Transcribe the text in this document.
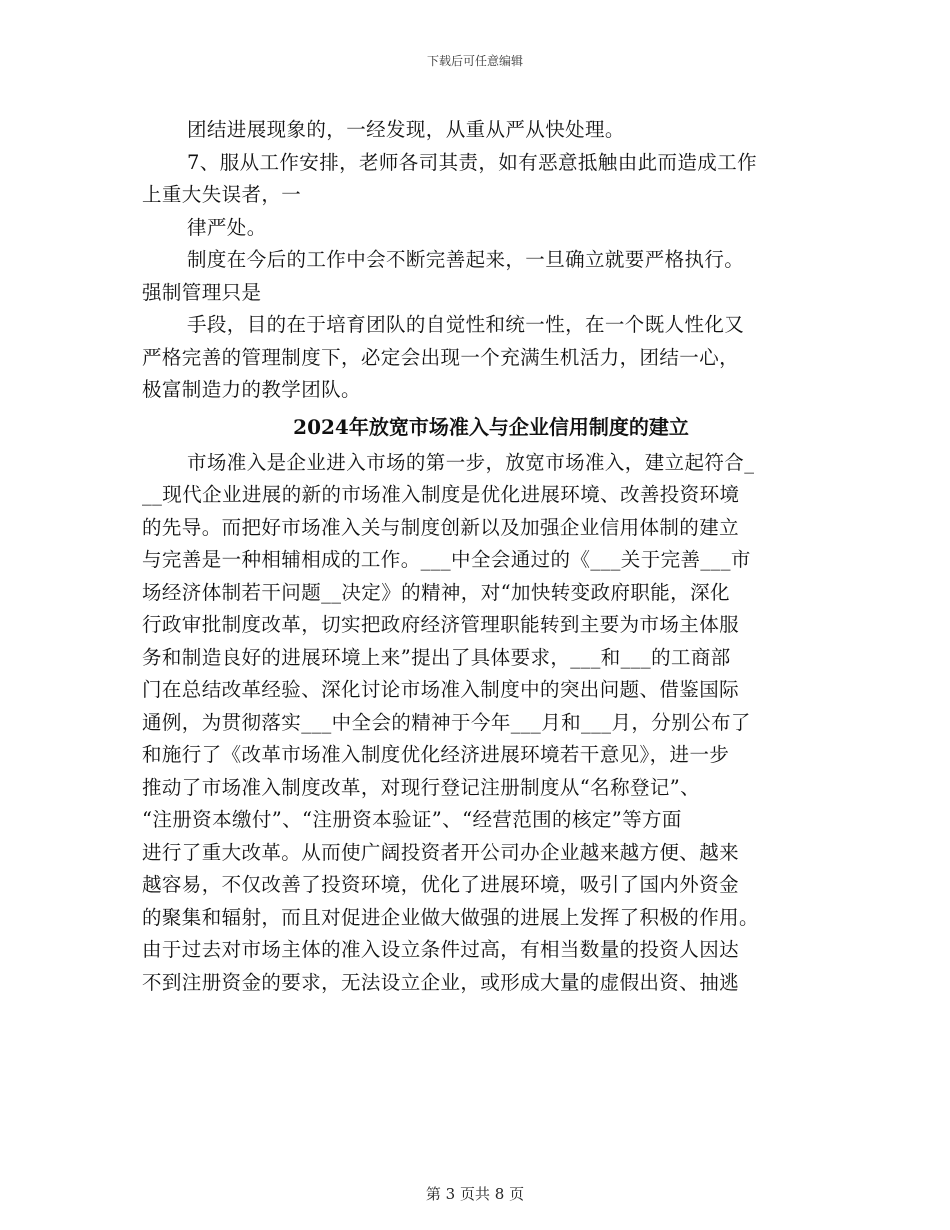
下载后可任意编辑
团结进展现象的，一经发现，从重从严从快处理。
7、服从工作安排，老师各司其责，如有恶意抵触由此而造成工作
上重大失误者，一
律严处。
制度在今后的工作中会不断完善起来，一旦确立就要严格执行。
强制管理只是
手段，目的在于培育团队的自觉性和统一性，在一个既人性化又
严格完善的管理制度下，必定会出现一个充满生机活力，团结一心，
极富制造力的教学团队。
2024年放宽市场准入与企业信用制度的建立
市场准入是企业进入市场的第一步，放宽市场准入，建立起符合_
__现代企业进展的新的市场准入制度是优化进展环境、改善投资环境
的先导。而把好市场准入关与制度创新以及加强企业信用体制的建立
与完善是一种相辅相成的工作。___中全会通过的《___关于完善___市
场经济体制若干问题__决定》的精神，对“加快转变政府职能，深化
行政审批制度改革，切实把政府经济管理职能转到主要为市场主体服
务和制造良好的进展环境上来”提出了具体要求，___和___的工商部
门在总结改革经验、深化讨论市场准入制度中的突出问题、借鉴国际
通例，为贯彻落实___中全会的精神于今年___月和___月，分别公布了
和施行了《改革市场准入制度优化经济进展环境若干意见》，进一步
推动了市场准入制度改革，对现行登记注册制度从“名称登记”、
“注册资本缴付”、“注册资本验证”、“经营范围的核定”等方面
进行了重大改革。从而使广阔投资者开公司办企业越来越方便、越来
越容易，不仅改善了投资环境，优化了进展环境，吸引了国内外资金
的聚集和辐射，而且对促进企业做大做强的进展上发挥了积极的作用。
由于过去对市场主体的准入设立条件过高，有相当数量的投资人因达
不到注册资金的要求，无法设立企业，或形成大量的虚假出资、抽逃
第 3 页共 8 页
